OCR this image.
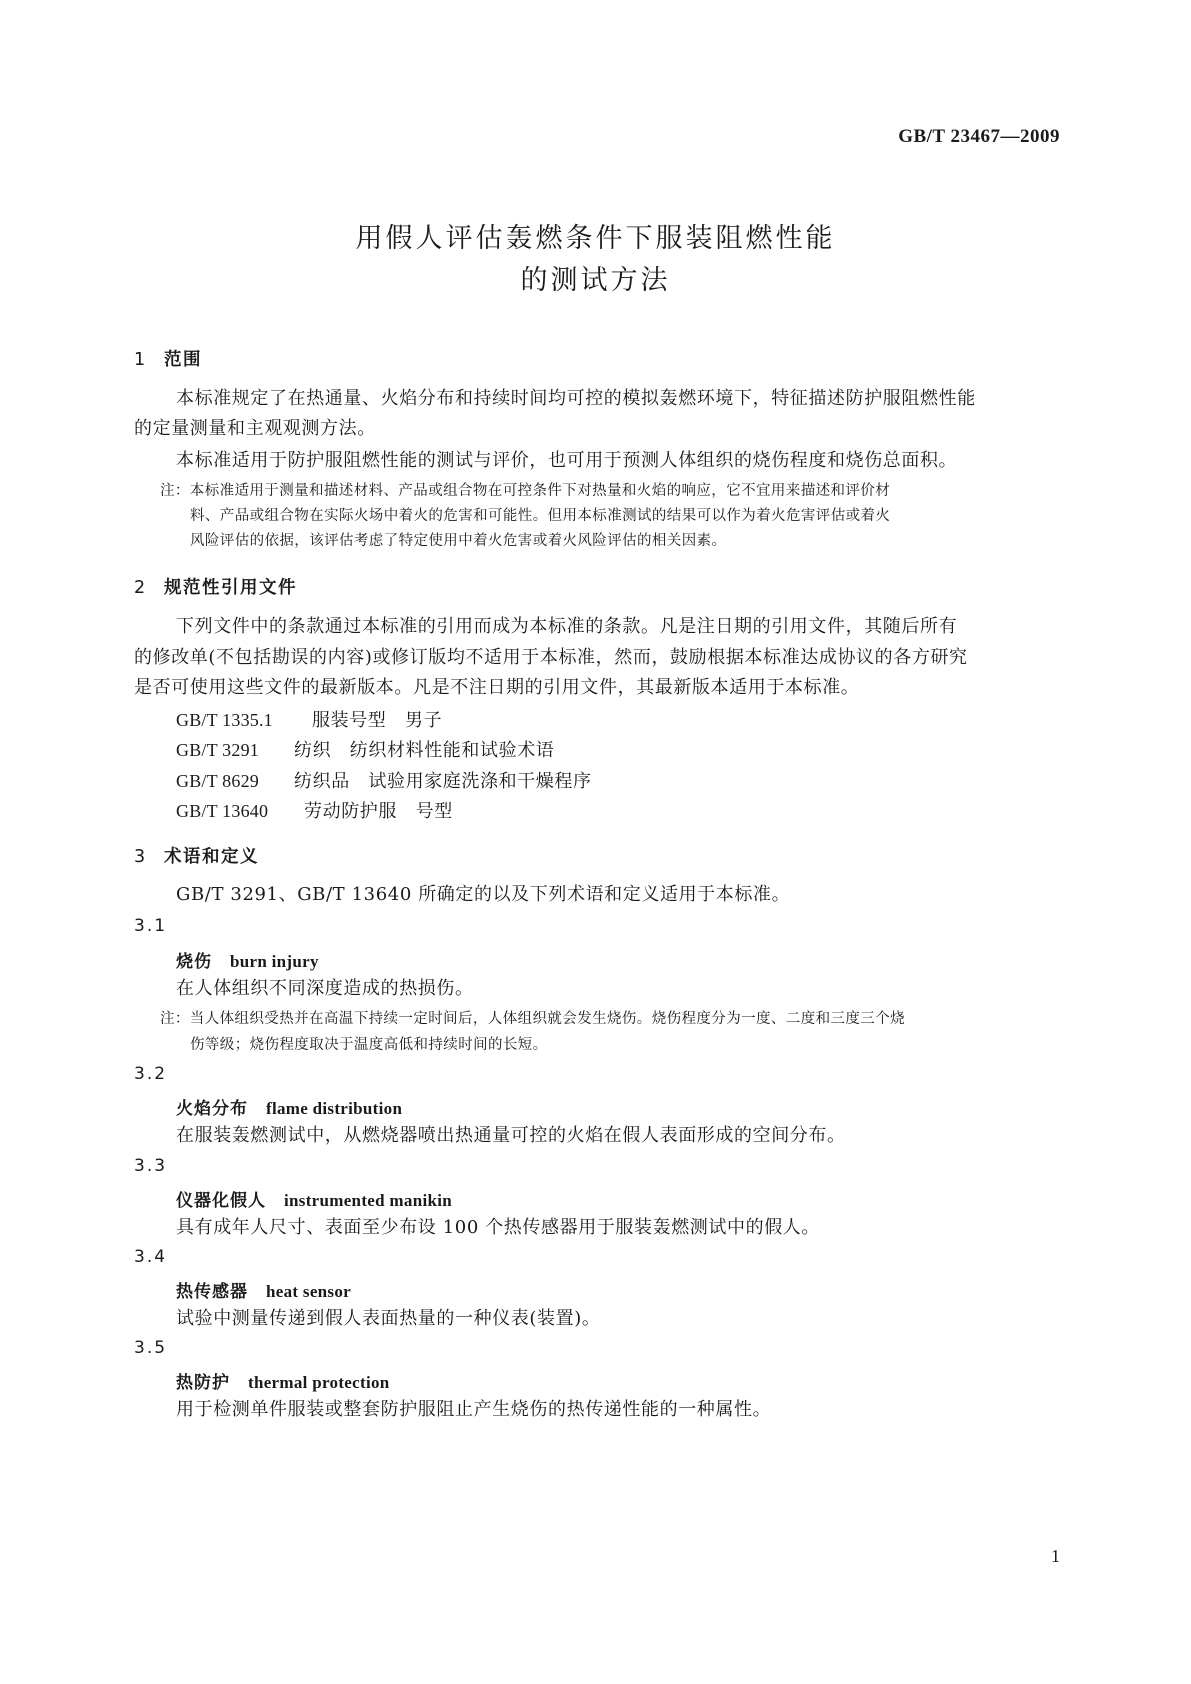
GB/T 23467—2009
用假人评估轰燃条件下服装阻燃性能
的测试方法
1 范围
本标准规定了在热通量、火焰分布和持续时间均可控的模拟轰燃环境下，特征描述防护服阻燃性能
的定量测量和主观观测方法。
本标准适用于防护服阻燃性能的测试与评价，也可用于预测人体组织的烧伤程度和烧伤总面积。
注：本标准适用于测量和描述材料、产品或组合物在可控条件下对热量和火焰的响应，它不宜用来描述和评价材
料、产品或组合物在实际火场中着火的危害和可能性。但用本标准测试的结果可以作为着火危害评估或着火
风险评估的依据，该评估考虑了特定使用中着火危害或着火风险评估的相关因素。
2 规范性引用文件
下列文件中的条款通过本标准的引用而成为本标准的条款。凡是注日期的引用文件，其随后所有
的修改单(不包括勘误的内容)或修订版均不适用于本标准，然而，鼓励根据本标准达成协议的各方研究
是否可使用这些文件的最新版本。凡是不注日期的引用文件，其最新版本适用于本标准。
GB/T 1335.1 服装号型　男子
GB/T 3291 纺织　纺织材料性能和试验术语
GB/T 8629 纺织品　试验用家庭洗涤和干燥程序
GB/T 13640 劳动防护服　号型
3 术语和定义
GB/T 3291、GB/T 13640 所确定的以及下列术语和定义适用于本标准。
3.1
烧伤 burn injury
在人体组织不同深度造成的热损伤。
注：当人体组织受热并在高温下持续一定时间后，人体组织就会发生烧伤。烧伤程度分为一度、二度和三度三个烧
伤等级；烧伤程度取决于温度高低和持续时间的长短。
3.2
火焰分布 flame distribution
在服装轰燃测试中，从燃烧器喷出热通量可控的火焰在假人表面形成的空间分布。
3.3
仪器化假人 instrumented manikin
具有成年人尺寸、表面至少布设 100 个热传感器用于服装轰燃测试中的假人。
3.4
热传感器 heat sensor
试验中测量传递到假人表面热量的一种仪表(装置)。
3.5
热防护 thermal protection
用于检测单件服装或整套防护服阻止产生烧伤的热传递性能的一种属性。
1
